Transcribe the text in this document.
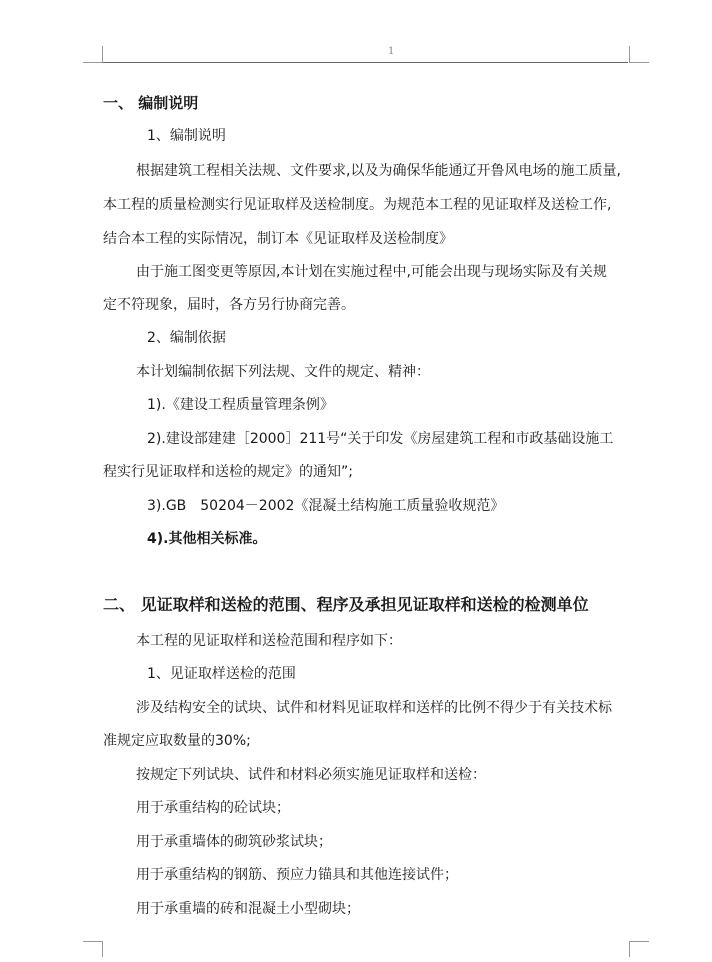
1
一、 编制说明
1、编制说明
根据建筑工程相关法规、文件要求,以及为确保华能通辽开鲁风电场的施工质量,
本工程的质量检测实行见证取样及送检制度。为规范本工程的见证取样及送检工作,
结合本工程的实际情况，制订本《见证取样及送检制度》
由于施工图变更等原因,本计划在实施过程中,可能会出现与现场实际及有关规
定不符现象，届时，各方另行协商完善。
2、编制依据
本计划编制依据下列法规、文件的规定、精神：
1).《建设工程质量管理条例》
2).建设部建建［2000］211号“关于印发《房屋建筑工程和市政基础设施工
程实行见证取样和送检的规定》的通知”;
3).GB　50204－2002《混凝土结构施工质量验收规范》
4).其他相关标准。
二、 见证取样和送检的范围、程序及承担见证取样和送检的检测单位
本工程的见证取样和送检范围和程序如下：
1、见证取样送检的范围
涉及结构安全的试块、试件和材料见证取样和送样的比例不得少于有关技术标
准规定应取数量的30%;
按规定下列试块、试件和材料必须实施见证取样和送检：
用于承重结构的砼试块；
用于承重墙体的砌筑砂浆试块；
用于承重结构的钢筋、预应力锚具和其他连接试件；
用于承重墙的砖和混凝土小型砌块；
